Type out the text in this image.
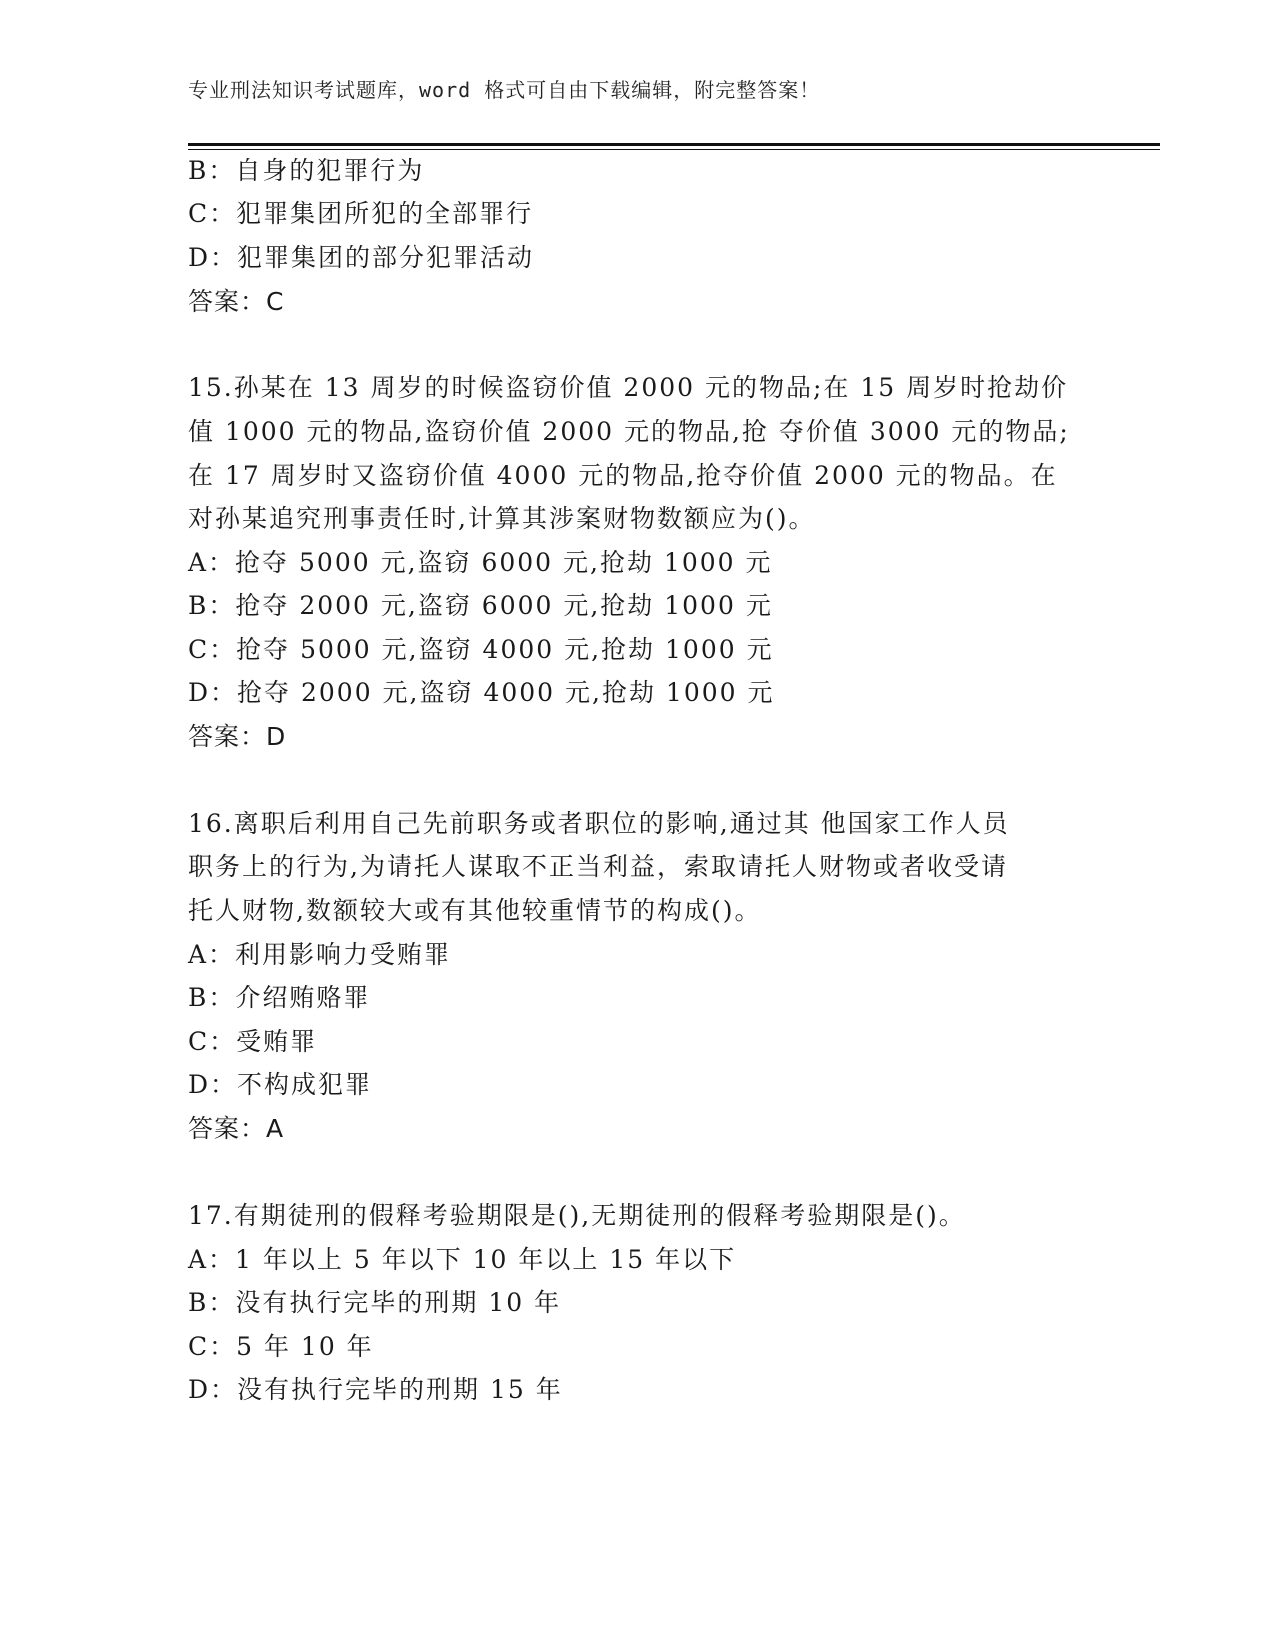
专业刑法知识考试题库，word 格式可自由下载编辑，附完整答案！
B：自身的犯罪行为
C：犯罪集团所犯的全部罪行
D：犯罪集团的部分犯罪活动
答案：C
15.孙某在 13 周岁的时候盗窃价值 2000 元的物品;在 15 周岁时抢劫价
值 1000 元的物品,盗窃价值 2000 元的物品,抢 夺价值 3000 元的物品;
在 17 周岁时又盗窃价值 4000 元的物品,抢夺价值 2000 元的物品。在
对孙某追究刑事责任时,计算其涉案财物数额应为()。
A：抢夺 5000 元,盗窃 6000 元,抢劫 1000 元
B：抢夺 2000 元,盗窃 6000 元,抢劫 1000 元
C：抢夺 5000 元,盗窃 4000 元,抢劫 1000 元
D：抢夺 2000 元,盗窃 4000 元,抢劫 1000 元
答案：D
16.离职后利用自己先前职务或者职位的影响,通过其 他国家工作人员
职务上的行为,为请托人谋取不正当利益，索取请托人财物或者收受请
托人财物,数额较大或有其他较重情节的构成()。
A：利用影响力受贿罪
B：介绍贿赂罪
C：受贿罪
D：不构成犯罪
答案：A
17.有期徒刑的假释考验期限是(),无期徒刑的假释考验期限是()。
A：1 年以上 5 年以下 10 年以上 15 年以下
B：没有执行完毕的刑期 10 年
C：5 年 10 年
D：没有执行完毕的刑期 15 年
